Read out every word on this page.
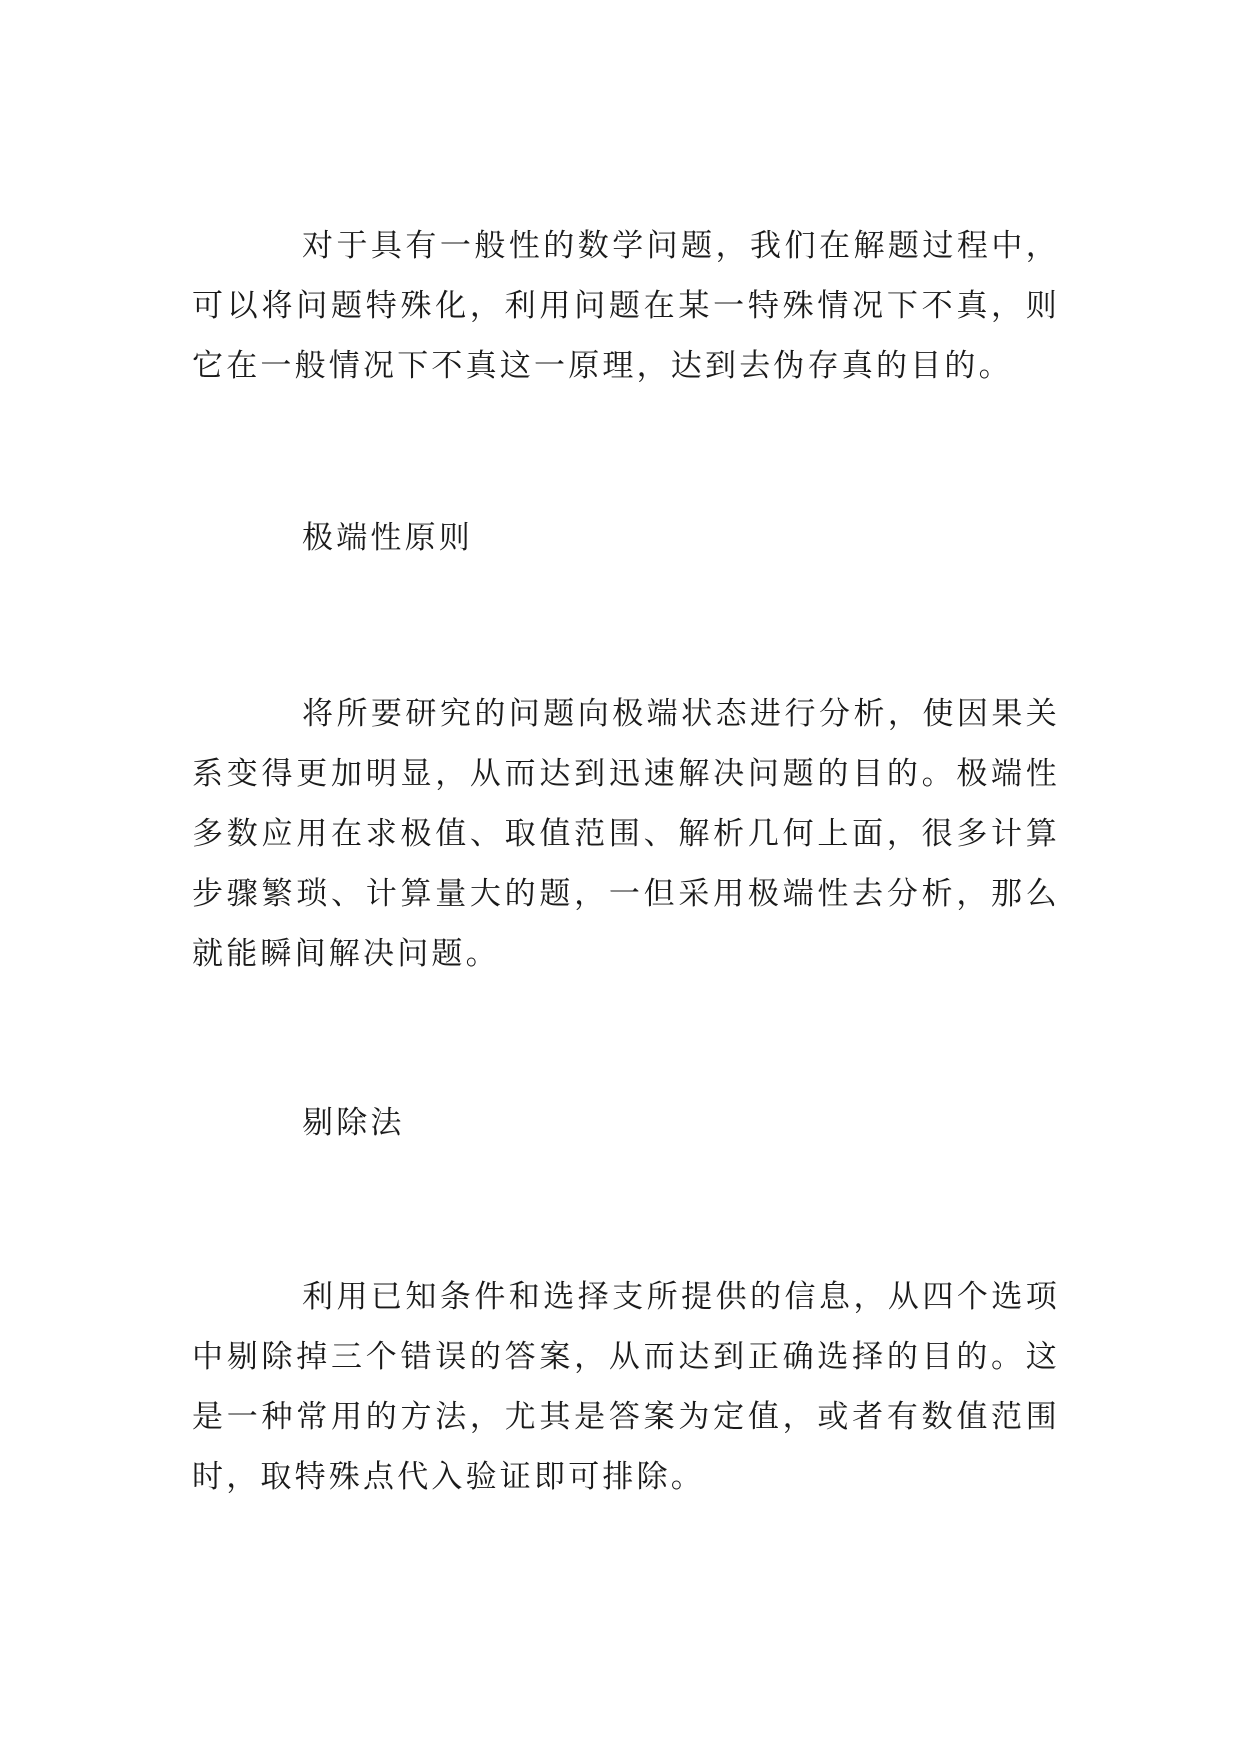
对于具有一般性的数学问题，我们在解题过程中，可以将问题特殊化，利用问题在某一特殊情况下不真，则它在一般情况下不真这一原理，达到去伪存真的目的。

极端性原则

将所要研究的问题向极端状态进行分析，使因果关系变得更加明显，从而达到迅速解决问题的目的。极端性多数应用在求极值、取值范围、解析几何上面，很多计算步骤繁琐、计算量大的题，一但采用极端性去分析，那么就能瞬间解决问题。

剔除法

利用已知条件和选择支所提供的信息，从四个选项中剔除掉三个错误的答案，从而达到正确选择的目的。这是一种常用的方法，尤其是答案为定值，或者有数值范围时，取特殊点代入验证即可排除。
